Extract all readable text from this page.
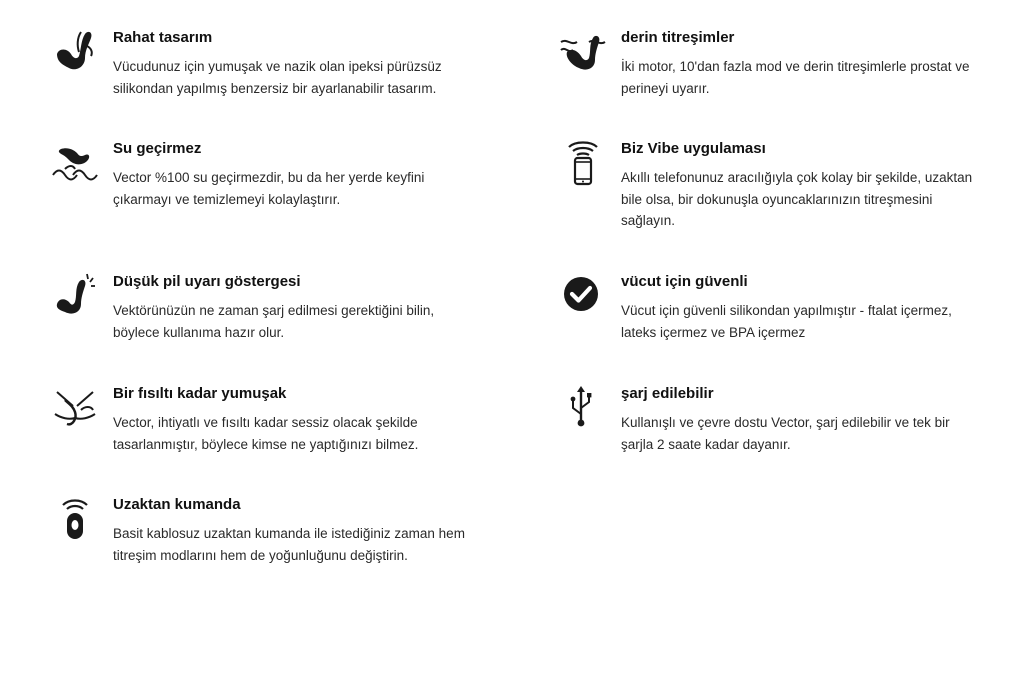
Rahat tasarım

Vücudunuz için yumuşak ve nazik olan ipeksi pürüzsüz silikondan yapılmış benzersiz bir ayarlanabilir tasarım.

Su geçirmez

Vector %100 su geçirmezdir, bu da her yerde keyfini çıkarmayı ve temizlemeyi kolaylaştırır.

Düşük pil uyarı göstergesi

Vektörünüzün ne zaman şarj edilmesi gerektiğini bilin, böylece kullanıma hazır olur.

Bir fısıltı kadar yumuşak

Vector, ihtiyatlı ve fısıltı kadar sessiz olacak şekilde tasarlanmıştır, böylece kimse ne yaptığınızı bilmez.

Uzaktan kumanda

Basit kablosuz uzaktan kumanda ile istediğiniz zaman hem titreşim modlarını hem de yoğunluğunu değiştirin.

derin titreşimler

İki motor, 10'dan fazla mod ve derin titreşimlerle prostat ve perineyi uyarır.

Biz Vibe uygulaması

Akıllı telefonunuz aracılığıyla çok kolay bir şekilde, uzaktan bile olsa, bir dokunuşla oyuncaklarınızın titreşmesini sağlayın.

vücut için güvenli

Vücut için güvenli silikondan yapılmıştır - ftalat içermez, lateks içermez ve BPA içermez

şarj edilebilir

Kullanışlı ve çevre dostu Vector, şarj edilebilir ve tek bir şarjla 2 saate kadar dayanır.
